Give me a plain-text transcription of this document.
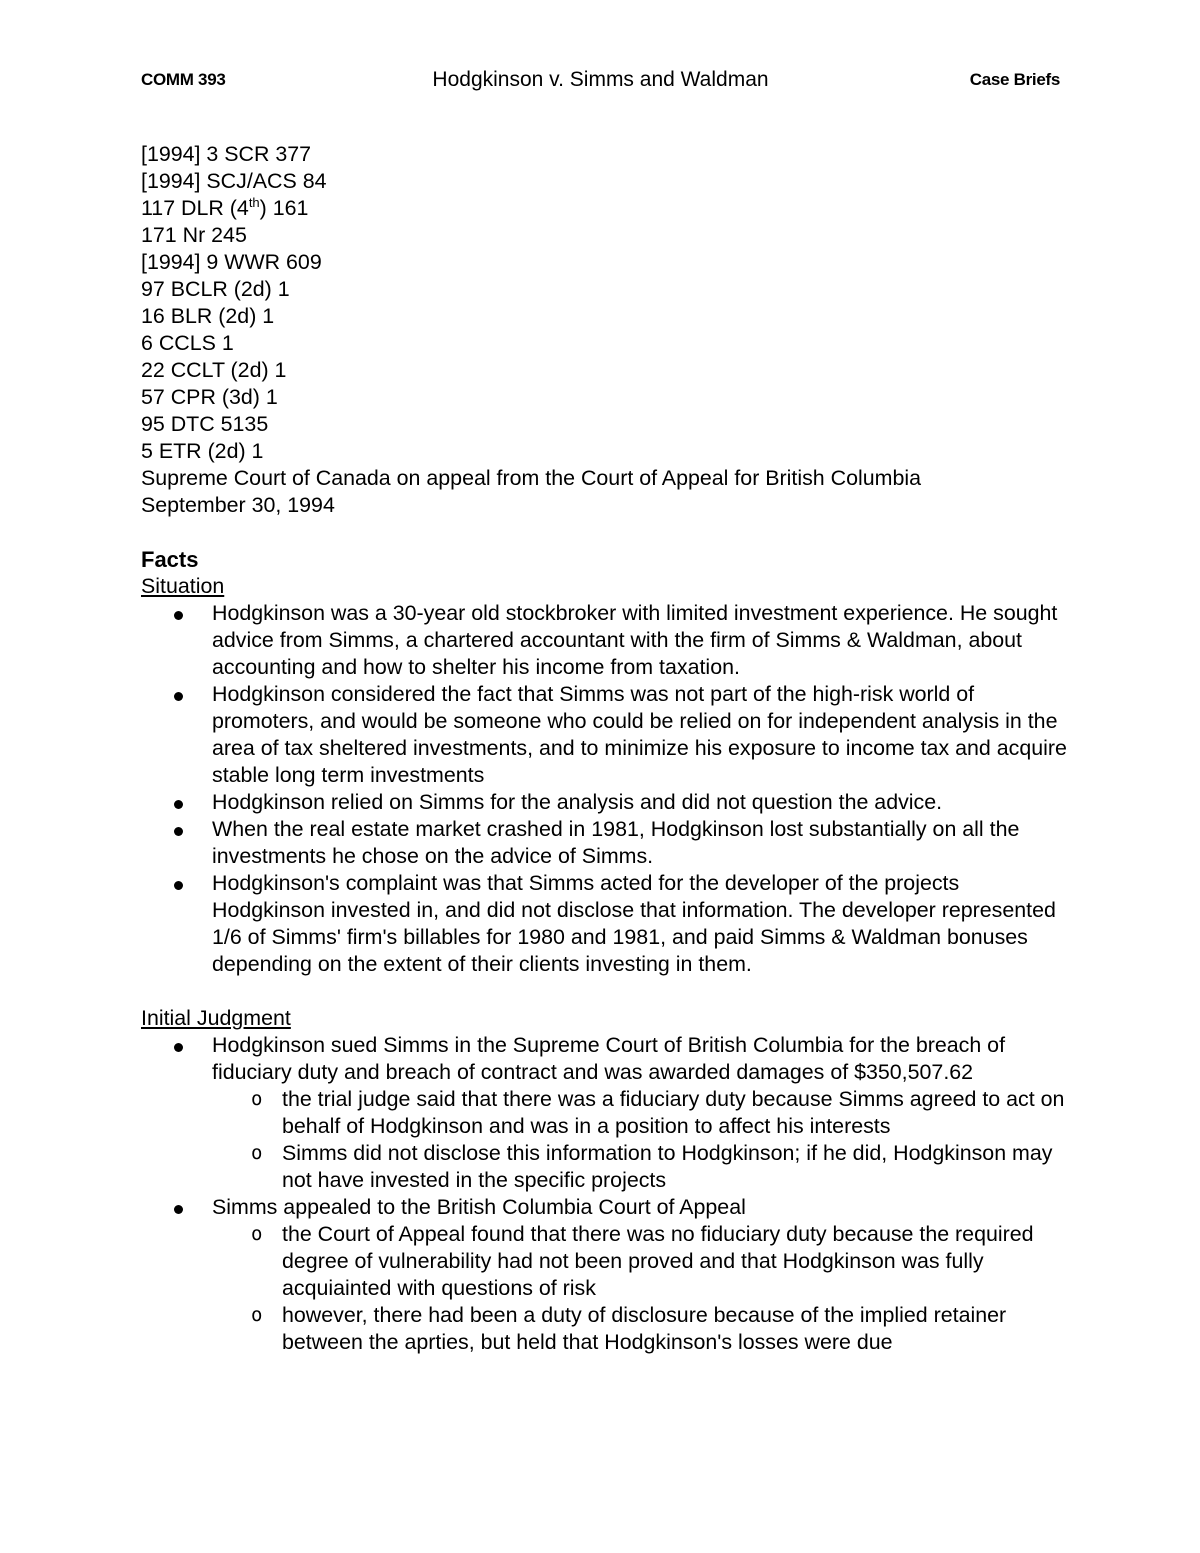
COMM 393	Hodgkinson v. Simms and Waldman	Case Briefs
[1994] 3 SCR 377
[1994] SCJ/ACS 84
117 DLR (4th) 161
171 Nr 245
[1994] 9 WWR 609
97 BCLR (2d) 1
16 BLR (2d) 1
6 CCLS 1
22 CCLT (2d) 1
57 CPR (3d) 1
95 DTC 5135
5 ETR (2d) 1
Supreme Court of Canada on appeal from the Court of Appeal for British Columbia
September 30, 1994
Facts
Situation
Hodgkinson was a 30-year old stockbroker with limited investment experience. He sought advice from Simms, a chartered accountant with the firm of Simms & Waldman, about accounting and how to shelter his income from taxation.
Hodgkinson considered the fact that Simms was not part of the high-risk world of promoters, and would be someone who could be relied on for independent analysis in the area of tax sheltered investments, and to minimize his exposure to income tax and acquire stable long term investments
Hodgkinson relied on Simms for the analysis and did not question the advice.
When the real estate market crashed in 1981, Hodgkinson lost substantially on all the investments he chose on the advice of Simms.
Hodgkinson's complaint was that Simms acted for the developer of the projects Hodgkinson invested in, and did not disclose that information. The developer represented 1/6 of Simms' firm's billables for 1980 and 1981, and paid Simms & Waldman bonuses depending on the extent of their clients investing in them.
Initial Judgment
Hodgkinson sued Simms in the Supreme Court of British Columbia for the breach of fiduciary duty and breach of contract and was awarded damages of $350,507.62
o the trial judge said that there was a fiduciary duty because Simms agreed to act on behalf of Hodgkinson and was in a position to affect his interests
o Simms did not disclose this information to Hodgkinson; if he did, Hodgkinson may not have invested in the specific projects
Simms appealed to the British Columbia Court of Appeal
o the Court of Appeal found that there was no fiduciary duty because the required degree of vulnerability had not been proved and that Hodgkinson was fully acquiainted with questions of risk
o however, there had been a duty of disclosure because of the implied retainer between the aprties, but held that Hodgkinson's losses were due
